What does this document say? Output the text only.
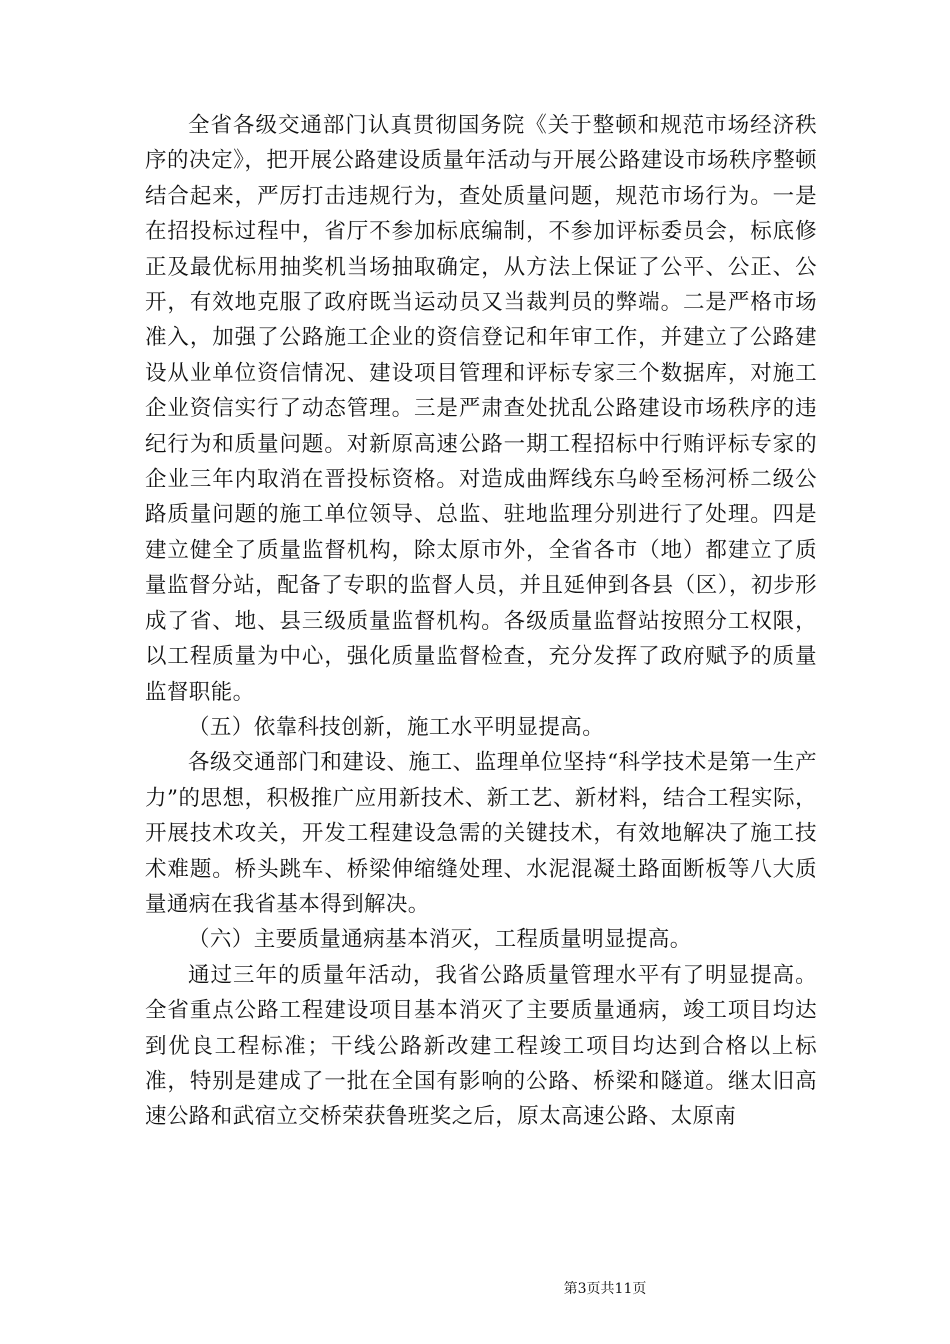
全省各级交通部门认真贯彻国务院《关于整顿和规范市场经济秩序的决定》，把开展公路建设质量年活动与开展公路建设市场秩序整顿结合起来，严厉打击违规行为，查处质量问题，规范市场行为。一是在招投标过程中，省厅不参加标底编制，不参加评标委员会，标底修正及最优标用抽奖机当场抽取确定，从方法上保证了公平、公正、公开，有效地克服了政府既当运动员又当裁判员的弊端。二是严格市场准入，加强了公路施工企业的资信登记和年审工作，并建立了公路建设从业单位资信情况、建设项目管理和评标专家三个数据库，对施工企业资信实行了动态管理。三是严肃查处扰乱公路建设市场秩序的违纪行为和质量问题。对新原高速公路一期工程招标中行贿评标专家的企业三年内取消在晋投标资格。对造成曲辉线东乌岭至杨河桥二级公路质量问题的施工单位领导、总监、驻地监理分别进行了处理。四是建立健全了质量监督机构，除太原市外，全省各市（地）都建立了质量监督分站，配备了专职的监督人员，并且延伸到各县（区），初步形成了省、地、县三级质量监督机构。各级质量监督站按照分工权限，以工程质量为中心，强化质量监督检查，充分发挥了政府赋予的质量监督职能。

（五）依靠科技创新，施工水平明显提高。

各级交通部门和建设、施工、监理单位坚持“科学技术是第一生产力”的思想，积极推广应用新技术、新工艺、新材料，结合工程实际，开展技术攻关，开发工程建设急需的关键技术，有效地解决了施工技术难题。桥头跳车、桥梁伸缩缝处理、水泥混凝土路面断板等八大质量通病在我省基本得到解决。

（六）主要质量通病基本消灭，工程质量明显提高。

通过三年的质量年活动，我省公路质量管理水平有了明显提高。全省重点公路工程建设项目基本消灭了主要质量通病，竣工项目均达到优良工程标准；干线公路新改建工程竣工项目均达到合格以上标准，特别是建成了一批在全国有影响的公路、桥梁和隧道。继太旧高速公路和武宿立交桥荣获鲁班奖之后，原太高速公路、太原南

第3页共11页
